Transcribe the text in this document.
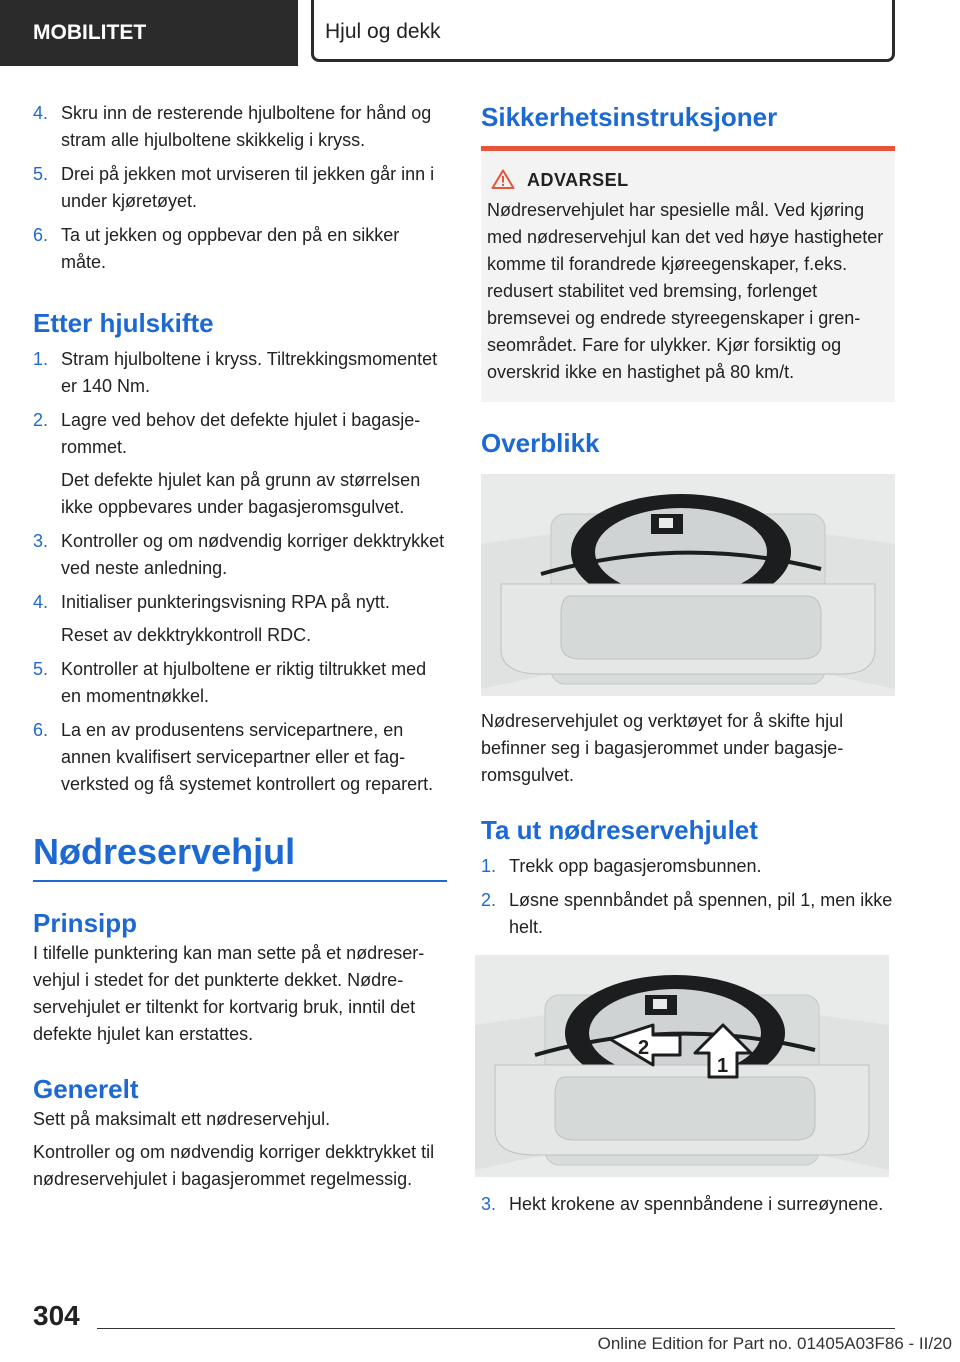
MOBILITET	Hjul og dekk
4. Skru inn de resterende hjulboltene for hånd og stram alle hjulboltene skikkelig i kryss.
5. Drei på jekken mot urviseren til jekken går inn i under kjøretøyet.
6. Ta ut jekken og oppbevar den på en sikker måte.
Etter hjulskifte
1. Stram hjulboltene i kryss. Tiltrekkingsmomentet er 140 Nm.
2. Lagre ved behov det defekte hjulet i bagasjerommet.
Det defekte hjulet kan på grunn av størrelsen ikke oppbevares under bagasjeromsgulvet.
3. Kontroller og om nødvendig korriger dekktrykket ved neste anledning.
4. Initialiser punkteringsvisning RPA på nytt.
Reset av dekktrykkontroll RDC.
5. Kontroller at hjulboltene er riktig tiltrukket med en momentnøkkel.
6. La en av produsentens servicepartnere, en annen kvalifisert servicepartner eller et fagverksted og få systemet kontrollert og reparert.
Nødreservehjul
Prinsipp

I tilfelle punktering kan man sette på et nødreservehjul i stedet for det punkterte dekket. Nødreservehjulet er tiltenkt for kortvarig bruk, inntil det defekte hjulet kan erstattes.

Generelt

Sett på maksimalt ett nødreservehjul.

Kontroller og om nødvendig korriger dekktrykket til nødreservehjulet i bagasjerommet regelmessig.

Sikkerhetsinstruksjoner
ADVARSEL
Nødreservehjulet har spesielle mål. Ved kjøring med nødreservehjul kan det ved høye hastigheter komme til forandrede kjøreegenskaper, f.eks. redusert stabilitet ved bremsing, forlenget bremsevei og endrede styreegenskaper i grenseområdet. Fare for ulykker. Kjør forsiktig og overskrid ikke en hastighet på 80 km/t.
Overblikk

Nødreservehjulet og verktøyet for å skifte hjul befinner seg i bagasjerommet under bagasjeromsgulvet.

Ta ut nødreservehjulet
1. Trekk opp bagasjeromsbunnen.
2. Løsne spennbåndet på spennen, pil 1, men ikke helt.
2
1
3. Hekt krokene av spennbåndene i surreøynene.
304
Online Edition for Part no. 01405A03F86 - II/20
